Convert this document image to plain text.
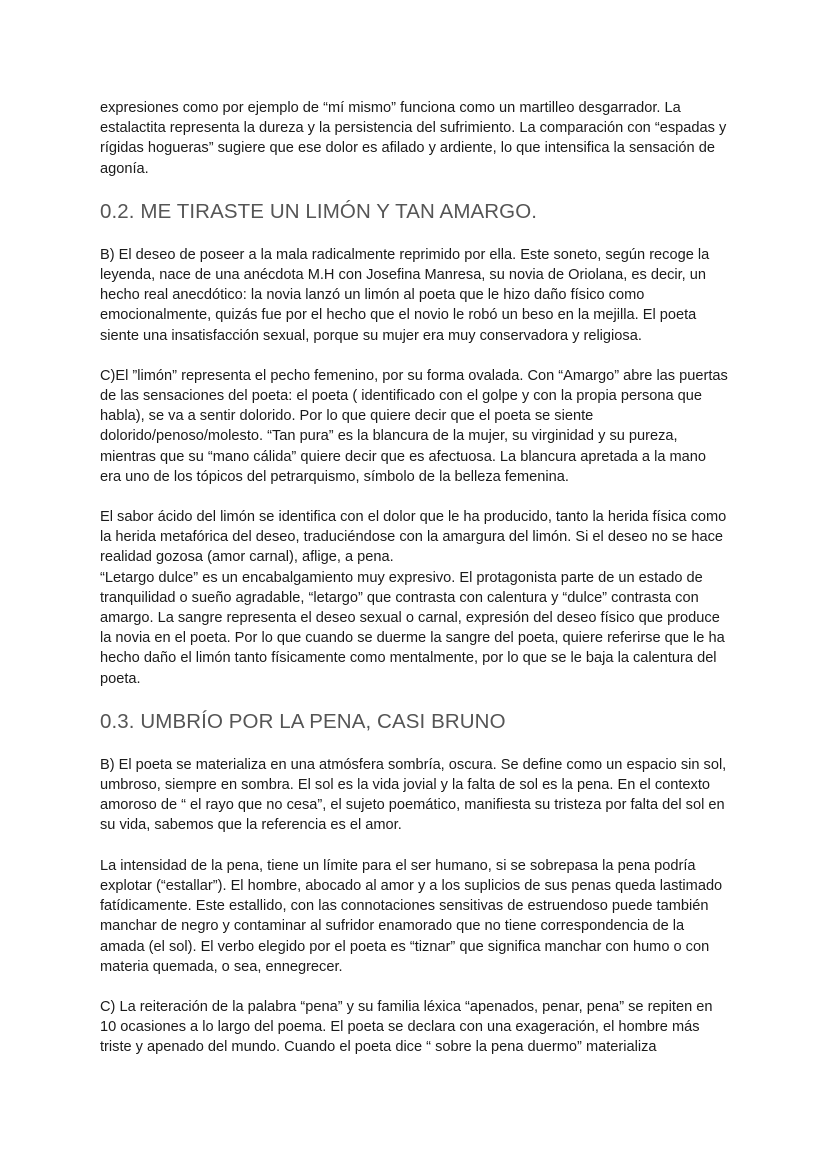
expresiones como por ejemplo de “mí mismo” funciona como un martilleo desgarrador. La estalactita representa la dureza y la persistencia del sufrimiento. La comparación con “espadas y rígidas hogueras” sugiere que ese dolor es afilado y ardiente, lo que intensifica la sensación de agonía.

0.2. ME TIRASTE UN LIMÓN Y TAN AMARGO.

B) El deseo de poseer a la mala radicalmente reprimido por ella. Este soneto, según recoge la leyenda, nace de una anécdota M.H con Josefina Manresa, su novia de Oriolana, es decir, un hecho real anecdótico: la novia lanzó un limón al poeta que le hizo daño físico como emocionalmente, quizás fue por el hecho que el novio le robó un beso en la mejilla. El poeta siente una insatisfacción sexual, porque su mujer era muy conservadora y religiosa.

C)El ”limón” representa el pecho femenino, por su forma ovalada. Con “Amargo” abre las puertas de las sensaciones del poeta: el poeta ( identificado con el golpe y con la propia persona que habla), se va a sentir dolorido. Por lo que quiere decir que el poeta se siente dolorido/penoso/molesto. “Tan pura” es la blancura de la mujer, su virginidad y su pureza, mientras que su “mano cálida” quiere decir que es afectuosa. La blancura apretada a la mano era uno de los tópicos del petrarquismo, símbolo de la belleza femenina.

El sabor ácido del limón se identifica con el dolor que le ha producido, tanto la herida física como la herida metafórica del deseo, traduciéndose con la amargura del limón. Si el deseo no se hace realidad gozosa (amor carnal), aflige, a pena.

“Letargo dulce” es un encabalgamiento muy expresivo. El protagonista parte de un estado de tranquilidad o sueño agradable, “letargo” que contrasta con calentura y “dulce” contrasta con amargo. La sangre representa el deseo sexual o carnal, expresión del deseo físico que produce la novia en el poeta. Por lo que cuando se duerme la sangre del poeta, quiere referirse que le ha hecho daño el limón tanto físicamente como mentalmente, por lo que se le baja la calentura del poeta.

0.3. UMBRÍO POR LA PENA, CASI BRUNO

B) El poeta se materializa en una atmósfera sombría, oscura. Se define como un espacio sin sol, umbroso, siempre en sombra. El sol es la vida jovial y la falta de sol es la pena. En el contexto amoroso de “ el rayo que no cesa”, el sujeto poemático, manifiesta su tristeza por falta del sol en su vida, sabemos que la referencia es el amor.

La intensidad de la pena, tiene un límite para el ser humano, si se sobrepasa la pena podría explotar (“estallar”). El hombre, abocado al amor y a los suplicios de sus penas queda lastimado fatídicamente. Este estallido, con las connotaciones sensitivas de estruendoso puede también manchar de negro y contaminar al sufridor enamorado que no tiene correspondencia de la amada (el sol). El verbo elegido por el poeta es “tiznar” que significa manchar con humo o con materia quemada, o sea, ennegrecer.

C) La reiteración de la palabra “pena” y su familia léxica “apenados, penar, pena” se repiten en 10 ocasiones a lo largo del poema. El poeta se declara con una exageración, el hombre más triste y apenado del mundo. Cuando el poeta dice “ sobre la pena duermo” materializa
